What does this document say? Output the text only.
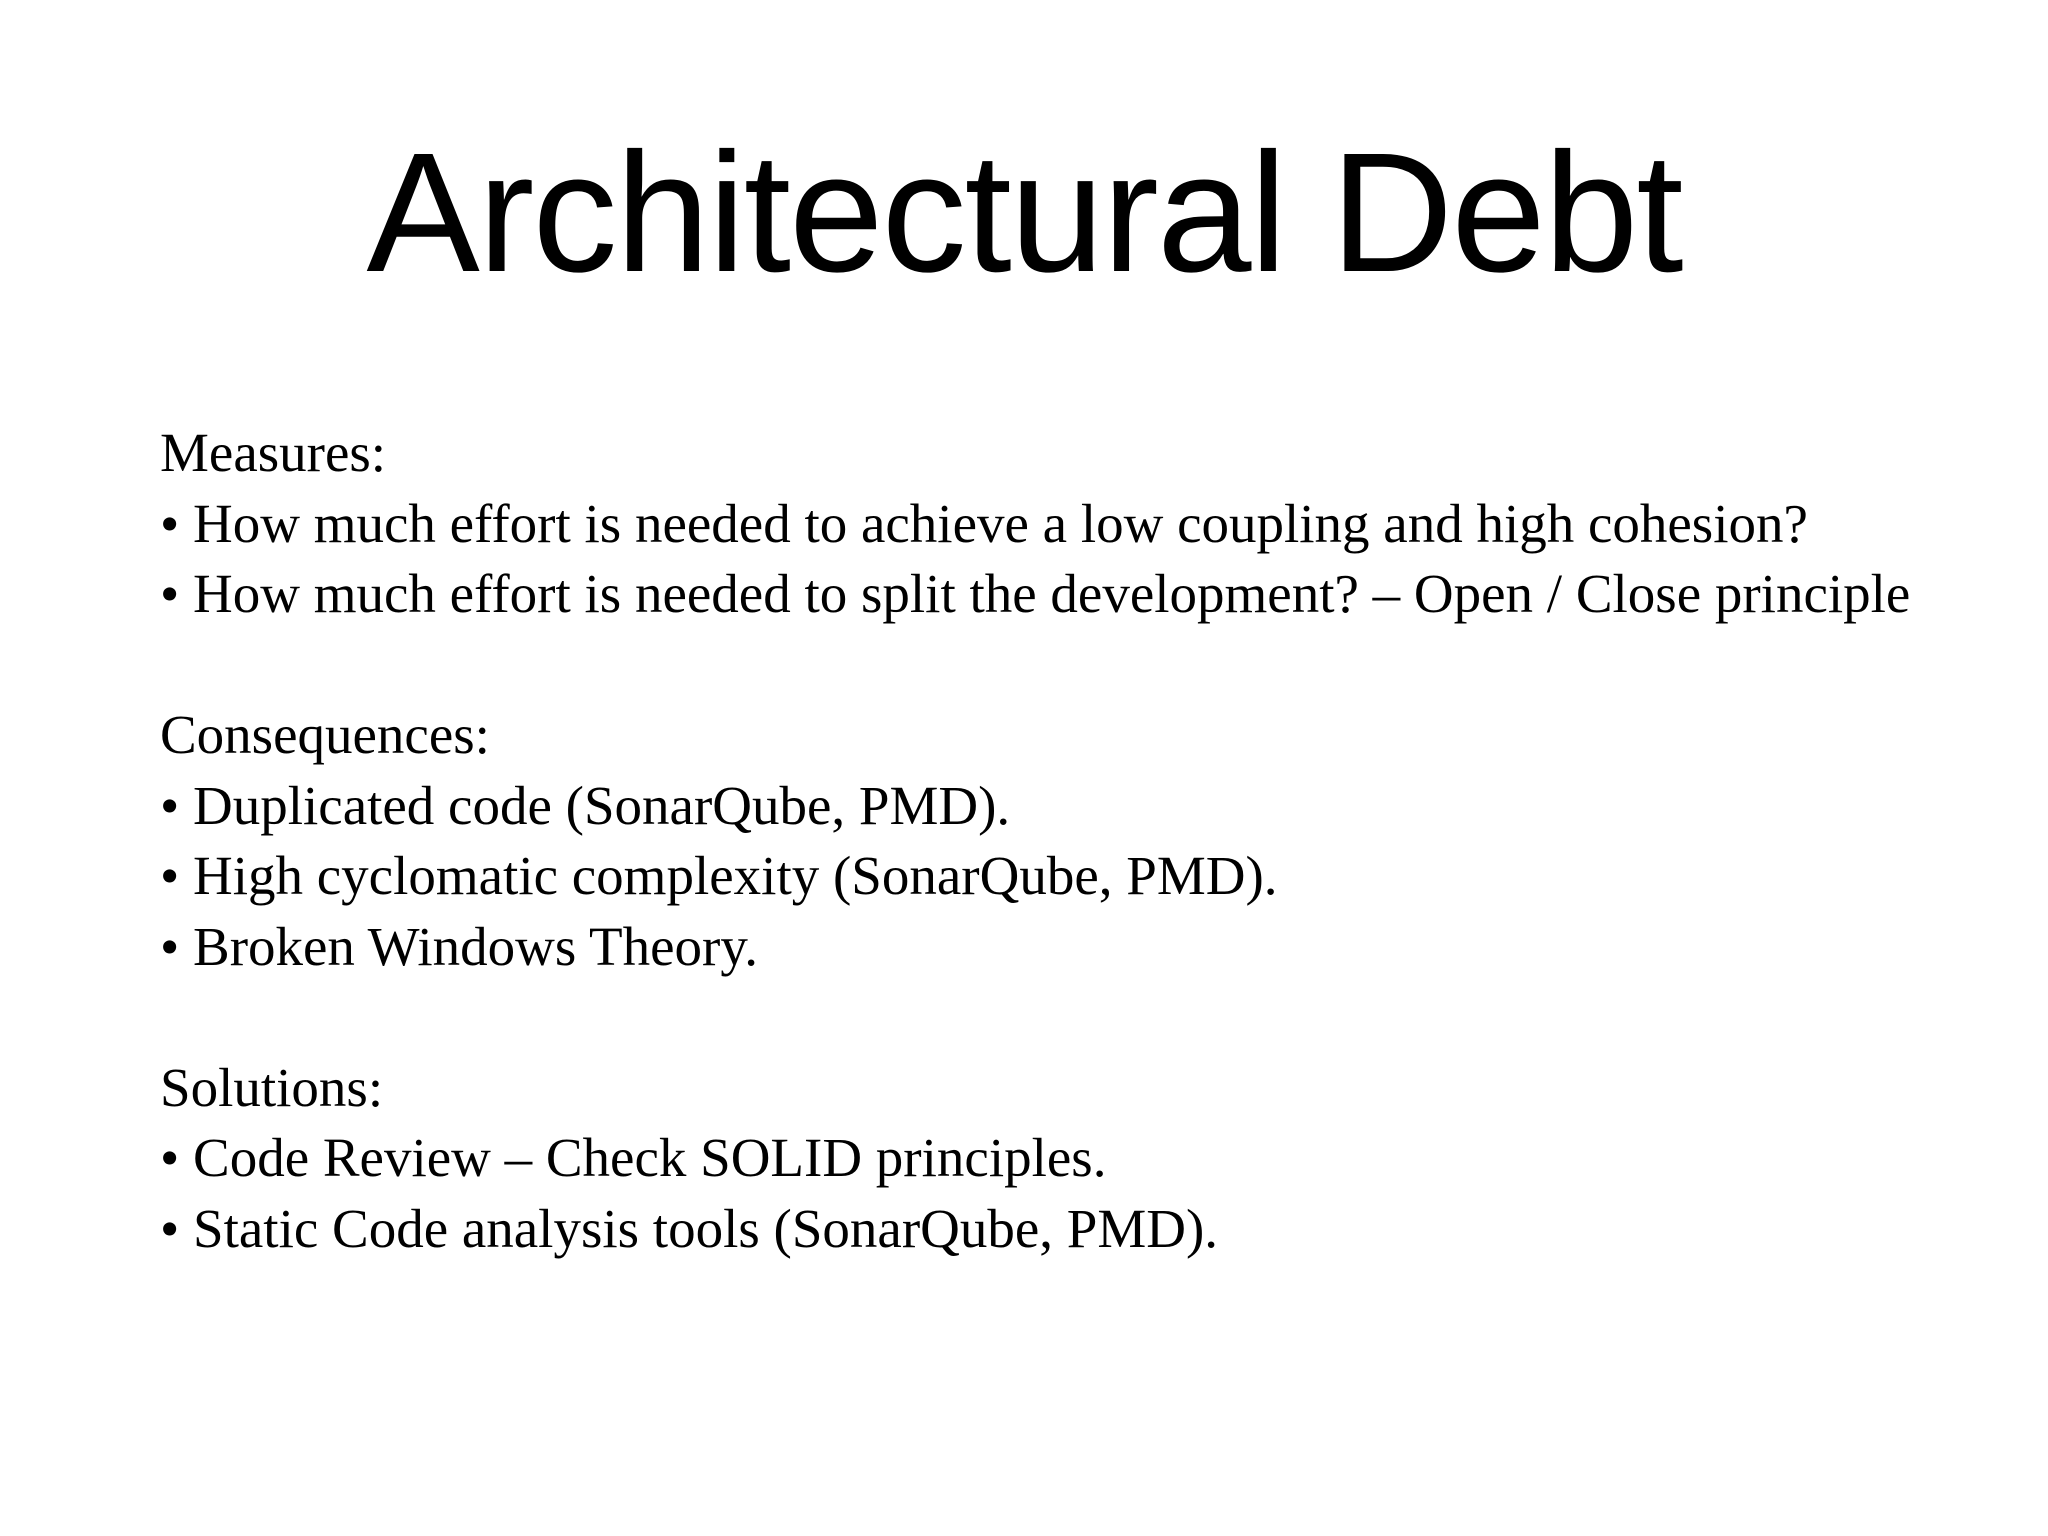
Architectural Debt
Measures:
• How much effort is needed to achieve a low coupling and high cohesion?
• How much effort is needed to split the development? – Open / Close principle
Consequences:
• Duplicated code (SonarQube, PMD).
• High cyclomatic complexity (SonarQube, PMD).
• Broken Windows Theory.
Solutions:
• Code Review – Check SOLID principles.
• Static Code analysis tools (SonarQube, PMD).
